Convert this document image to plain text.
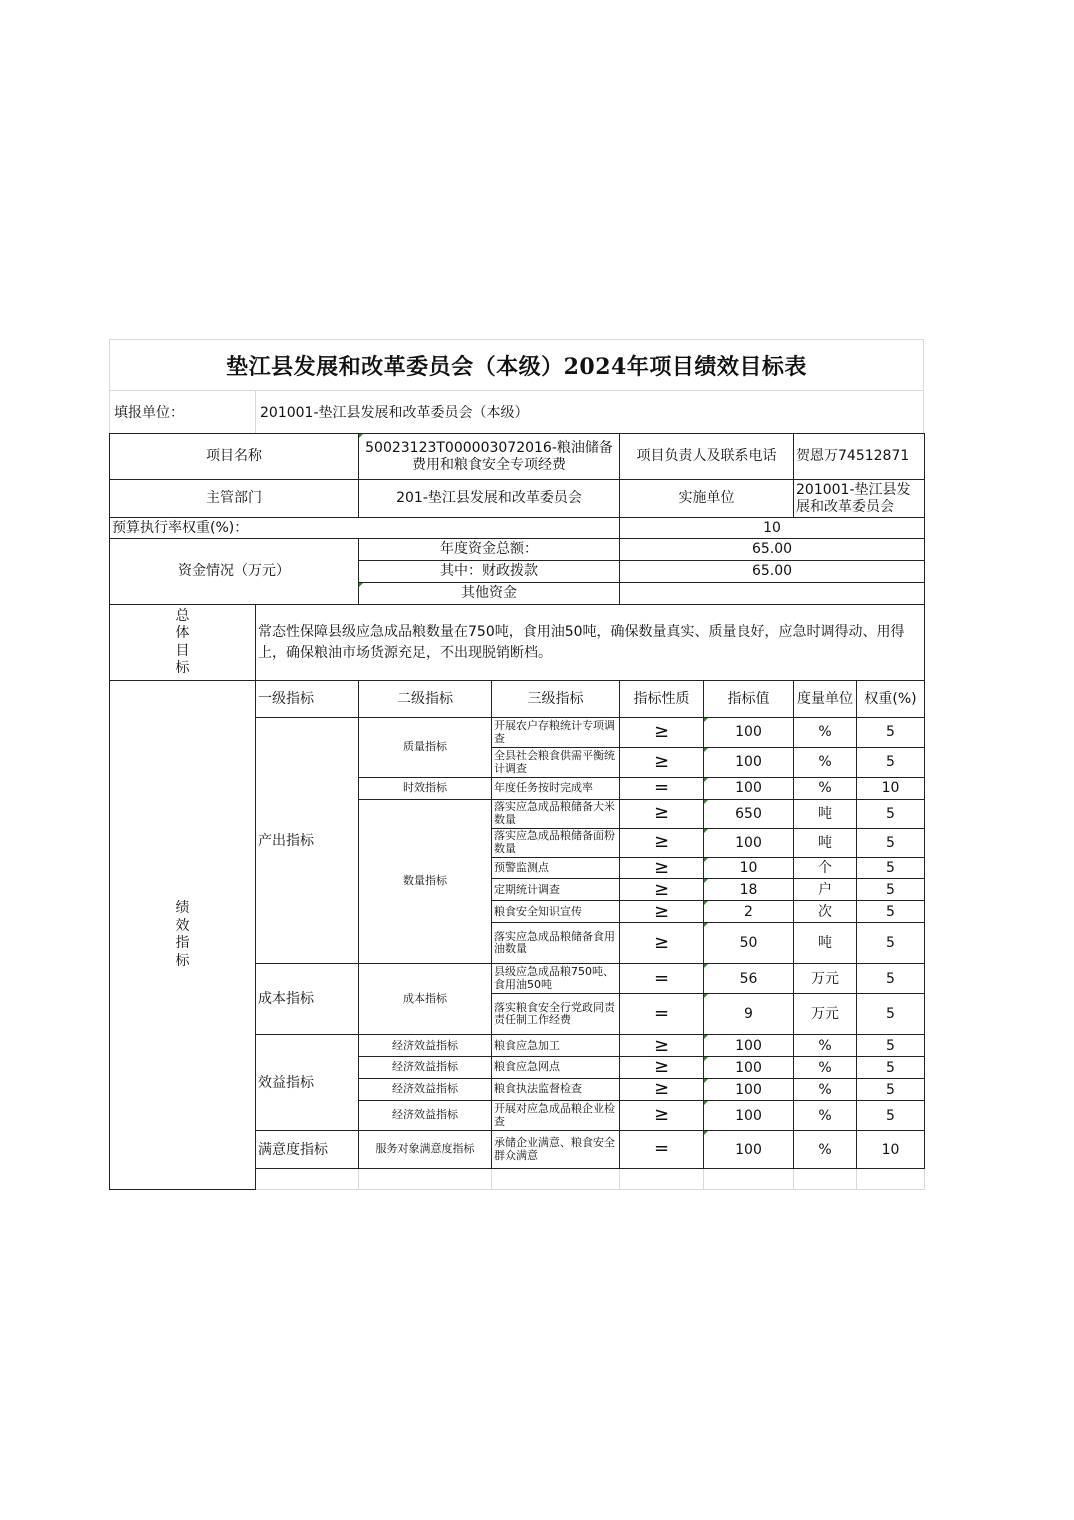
垫江县发展和改革委员会（本级）2024年项目绩效目标表
填报单位：	201001-垫江县发展和改革委员会（本级）
项目名称		50023123T000003072016-粮油储备费用和粮食安全专项经费		项目负责人及联系电话		贺恩万74512871		
主管部门		201-垫江县发展和改革委员会		实施单位		201001-垫江县发展和改革委员会		
预算执行率权重(%)：				10				
资金情况（万元）		年度资金总额：		65.00				
		其中：财政拨款		65.00				
		其他资金						
总
体
目
标	常态性保障县级应急成品粮数量在750吨，食用油50吨，确保数量真实、质量良好，应急时调得动、用得上，确保粮油市场货源充足，不出现脱销断档。							
绩
效
指
标	一级指标	二级指标	三级指标	指标性质	指标值	度量单位	权重(%)	
	产出指标	质量指标	开展农户存粮统计专项调查	≥	100	%	5	
			全县社会粮食供需平衡统计调查	≥	100	%	5	
		时效指标	年度任务按时完成率	=	100	%	10	
		数量指标	落实应急成品粮储备大米数量	≥	650	吨	5	
			落实应急成品粮储备面粉数量	≥	100	吨	5	
			预警监测点	≥	10	个	5	
			定期统计调查	≥	18	户	5	
			粮食安全知识宣传	≥	2	次	5	
			落实应急成品粮储备食用油数量	≥	50	吨	5	
	成本指标	成本指标	县级应急成品粮750吨、食用油50吨	=	56	万元	5	
			落实粮食安全行党政同责责任制工作经费	=	9	万元	5	
	效益指标	经济效益指标	粮食应急加工	≥	100	%	5	
		经济效益指标	粮食应急网点	≥	100	%	5	
		经济效益指标	粮食执法监督检查	≥	100	%	5	
		经济效益指标	开展对应急成品粮企业检查	≥	100	%	5	
	满意度指标	服务对象满意度指标	承储企业满意、粮食安全群众满意	=	100	%	10	
